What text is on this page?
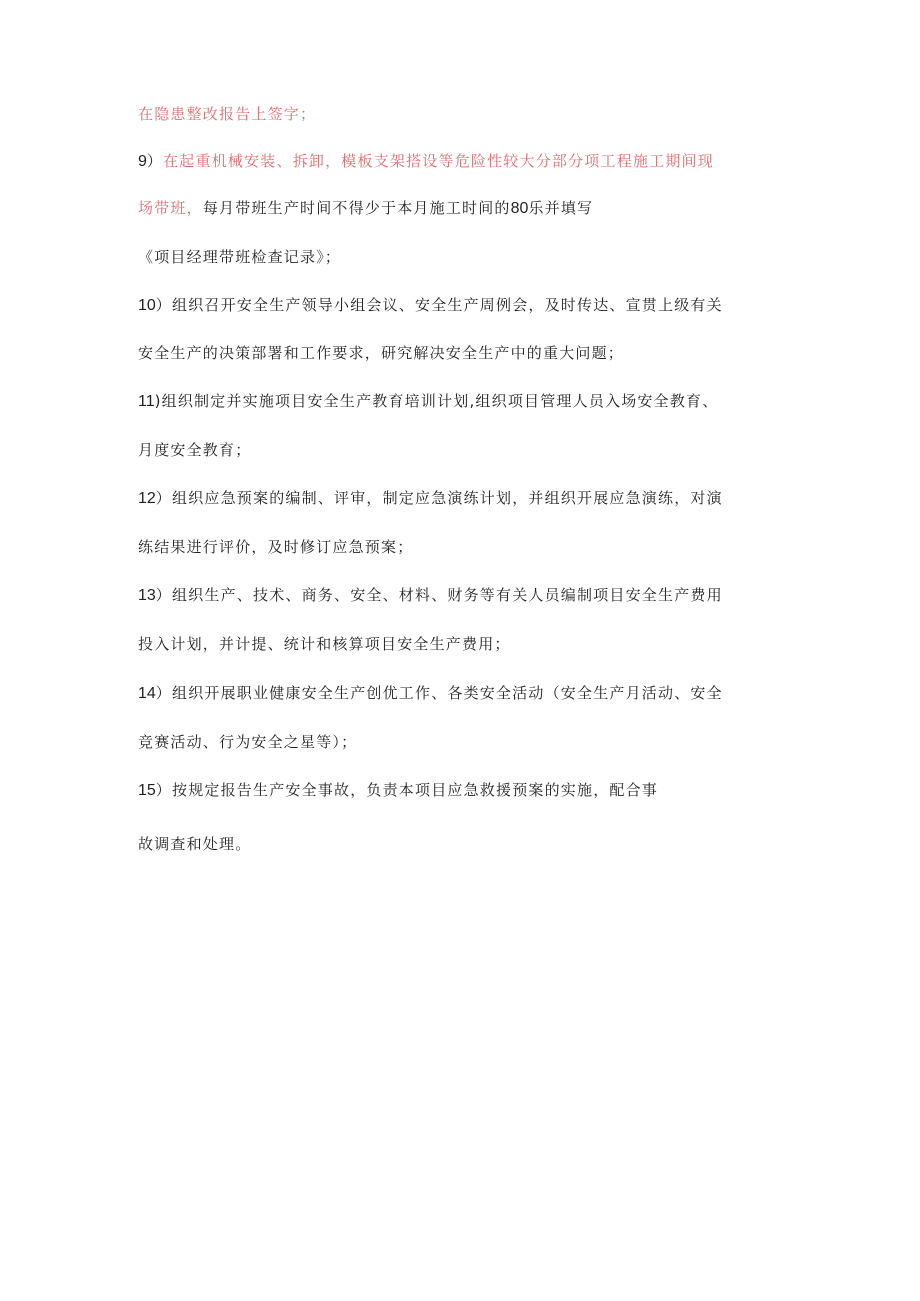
在隐患整改报告上签字；
9）在起重机械安装、拆卸，模板支架搭设等危险性较大分部分项工程施工期间现
场带班，每月带班生产时间不得少于本月施工时间的80乐并填写
《项目经理带班检查记录》；
10）组织召开安全生产领导小组会议、安全生产周例会，及时传达、宣贯上级有关
安全生产的决策部署和工作要求，研究解决安全生产中的重大问题；
11)组织制定并实施项目安全生产教育培训计划,组织项目管理人员入场安全教育、
月度安全教育；
12）组织应急预案的编制、评审，制定应急演练计划，并组织开展应急演练，对演
练结果进行评价，及时修订应急预案；
13）组织生产、技术、商务、安全、材料、财务等有关人员编制项目安全生产费用
投入计划，并计提、统计和核算项目安全生产费用；
14）组织开展职业健康安全生产创优工作、各类安全活动（安全生产月活动、安全
竞赛活动、行为安全之星等）；
15）按规定报告生产安全事故，负责本项目应急救援预案的实施，配合事
故调查和处理。
